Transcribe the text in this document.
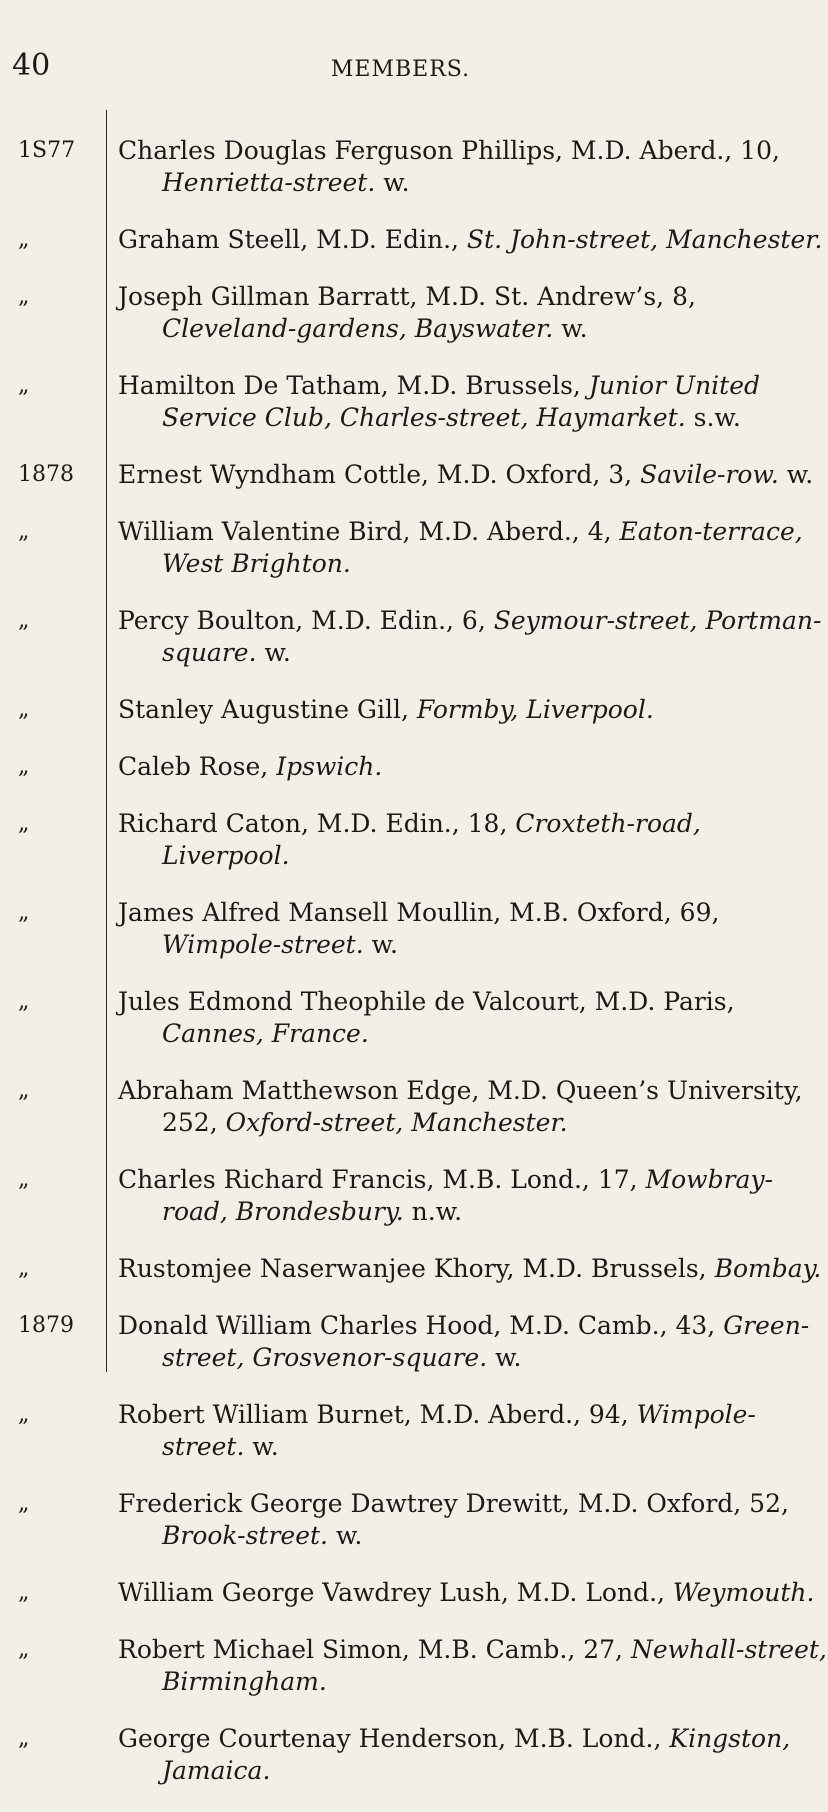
40	MEMBERS.
1S77	Charles Douglas Ferguson Phillips, M.D. Aberd., 10, Henrietta-street. w.

„	Graham Steell, M.D. Edin., St. John-street, Manchester.

„	Joseph Gillman Barratt, M.D. St. Andrew’s, 8, Cleveland-gardens, Bayswater. w.

„	Hamilton De Tatham, M.D. Brussels, Junior United Service Club, Charles-street, Haymarket. s.w.

1878	Ernest Wyndham Cottle, M.D. Oxford, 3, Savile-row. w.

„	William Valentine Bird, M.D. Aberd., 4, Eaton-terrace, West Brighton.

„	Percy Boulton, M.D. Edin., 6, Seymour-street, Portman-square. w.

„	Stanley Augustine Gill, Formby, Liverpool.

„	Caleb Rose, Ipswich.

„	Richard Caton, M.D. Edin., 18, Croxteth-road, Liverpool.

„	James Alfred Mansell Moullin, M.B. Oxford, 69, Wimpole-street. w.

„	Jules Edmond Theophile de Valcourt, M.D. Paris, Cannes, France.

„	Abraham Matthewson Edge, M.D. Queen’s University, 252, Oxford-street, Manchester.

„	Charles Richard Francis, M.B. Lond., 17, Mowbray-road, Brondesbury. n.w.

„	Rustomjee Naserwanjee Khory, M.D. Brussels, Bombay.

1879	Donald William Charles Hood, M.D. Camb., 43, Green-street, Grosvenor-square. w.

„	Robert William Burnet, M.D. Aberd., 94, Wimpole-street. w.

„	Frederick George Dawtrey Drewitt, M.D. Oxford, 52, Brook-street. w.

„	William George Vawdrey Lush, M.D. Lond., Weymouth.

„	Robert Michael Simon, M.B. Camb., 27, Newhall-street, Birmingham.

„	George Courtenay Henderson, M.B. Lond., Kingston, Jamaica.
